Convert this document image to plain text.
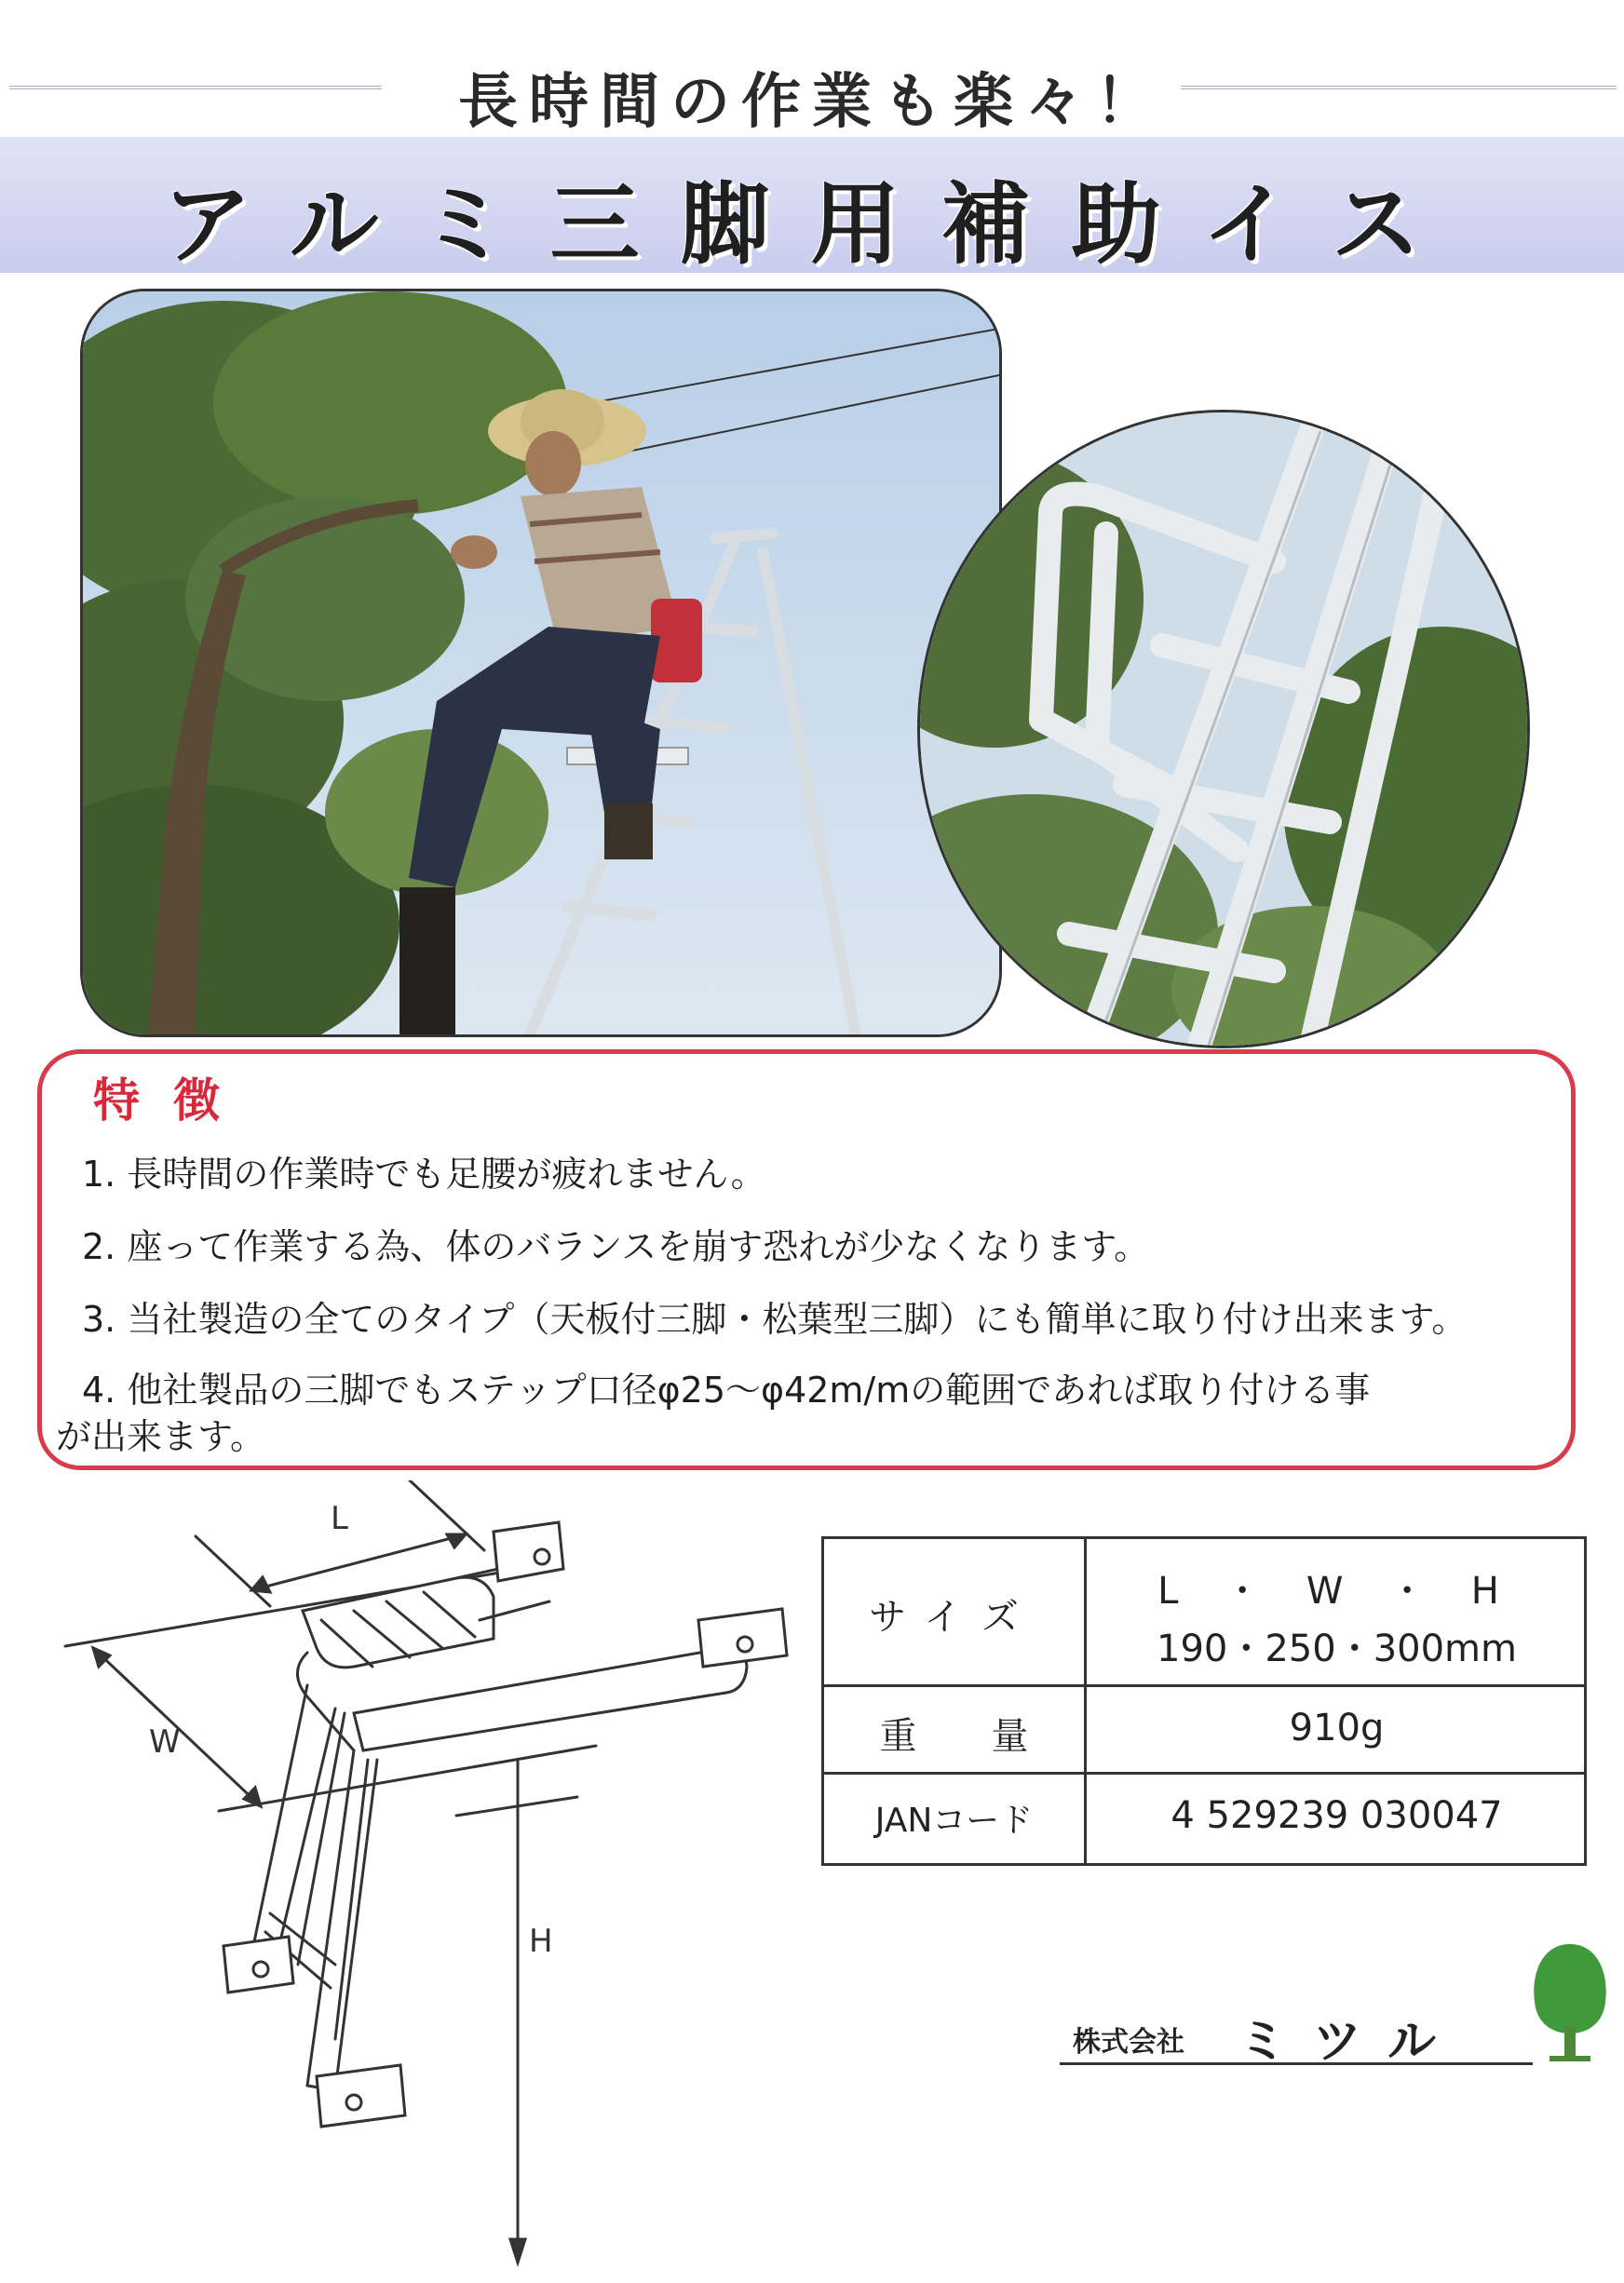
長時間の作業も楽々！
アルミ三脚用補助イス
特徴
1. 長時間の作業時でも足腰が疲れません。
2. 座って作業する為、体のバランスを崩す恐れが少なくなります。
3. 当社製造の全てのタイプ（天板付三脚・松葉型三脚）にも簡単に取り付け出来ます。
4. 他社製品の三脚でもステップ口径φ25～φ42m/mの範囲であれば取り付ける事
が出来ます。
L
W
H
サイズ
L ・ W ・ H
190・250・300mm
重　　量	910g
JANコード	4 529239 030047
株式会社 ミツル
